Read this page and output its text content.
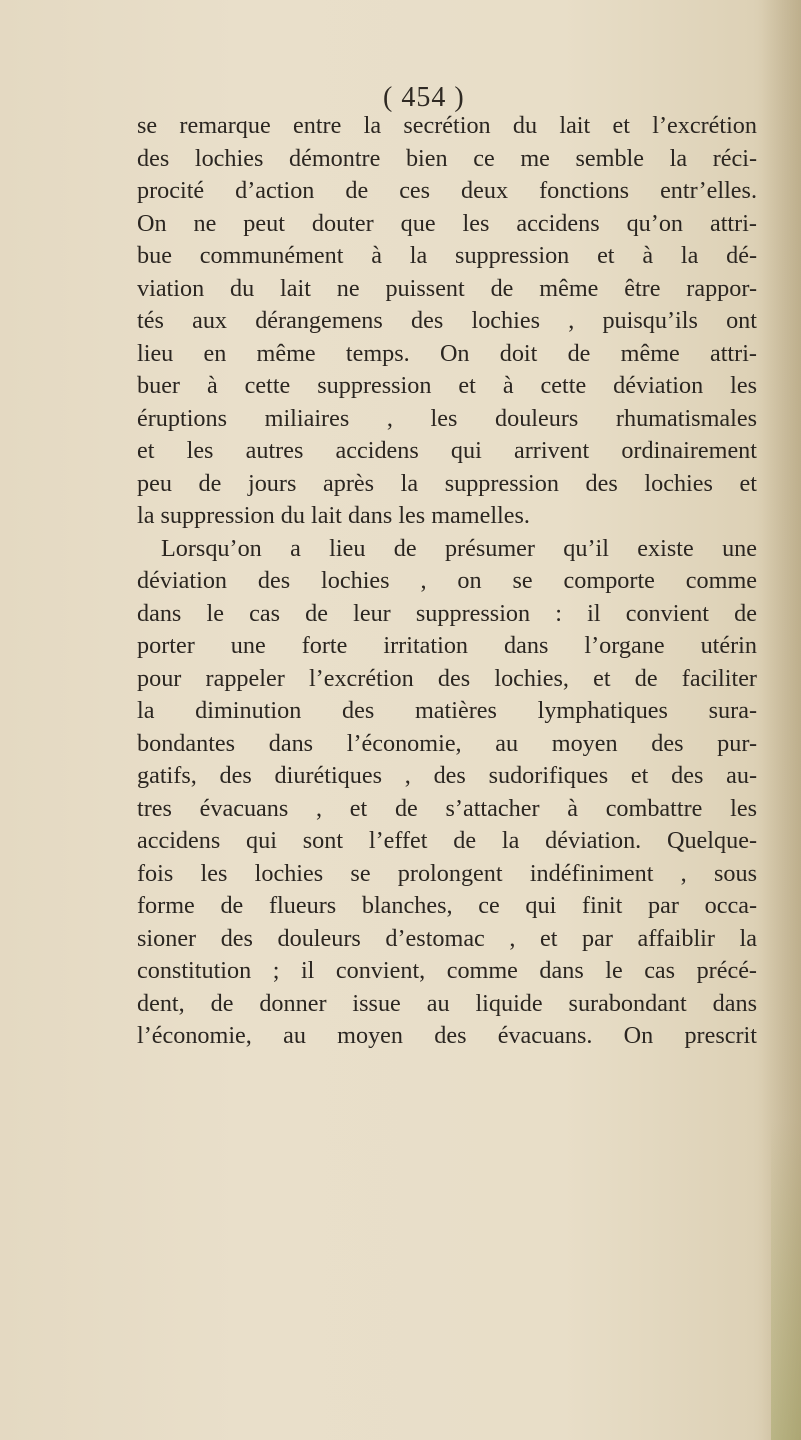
( 454 )
se remarque entre la secrétion du lait et l’excrétion
des lochies démontre bien ce me semble la réci-
procité d’action de ces deux fonctions entr’elles.
On ne peut douter que les accidens qu’on attri-
bue communément à la suppression et à la dé-
viation du lait ne puissent de même être rappor-
tés aux dérangemens des lochies , puisqu’ils ont
lieu en même temps. On doit de même attri-
buer à cette suppression et à cette déviation les
éruptions miliaires , les douleurs rhumatismales
et les autres accidens qui arrivent ordinairement
peu de jours après la suppression des lochies et
la suppression du lait dans les mamelles.
Lorsqu’on a lieu de présumer qu’il existe une
déviation des lochies , on se comporte comme
dans le cas de leur suppression : il convient de
porter une forte irritation dans l’organe utérin
pour rappeler l’excrétion des lochies, et de faciliter
la diminution des matières lymphatiques sura-
bondantes dans l’économie, au moyen des pur-
gatifs, des diurétiques , des sudorifiques et des au-
tres évacuans , et de s’attacher à combattre les
accidens qui sont l’effet de la déviation. Quelque-
fois les lochies se prolongent indéfiniment , sous
forme de flueurs blanches, ce qui finit par occa-
sioner des douleurs d’estomac , et par affaiblir la
constitution ; il convient, comme dans le cas précé-
dent, de donner issue au liquide surabondant dans
l’économie, au moyen des évacuans. On prescrit
